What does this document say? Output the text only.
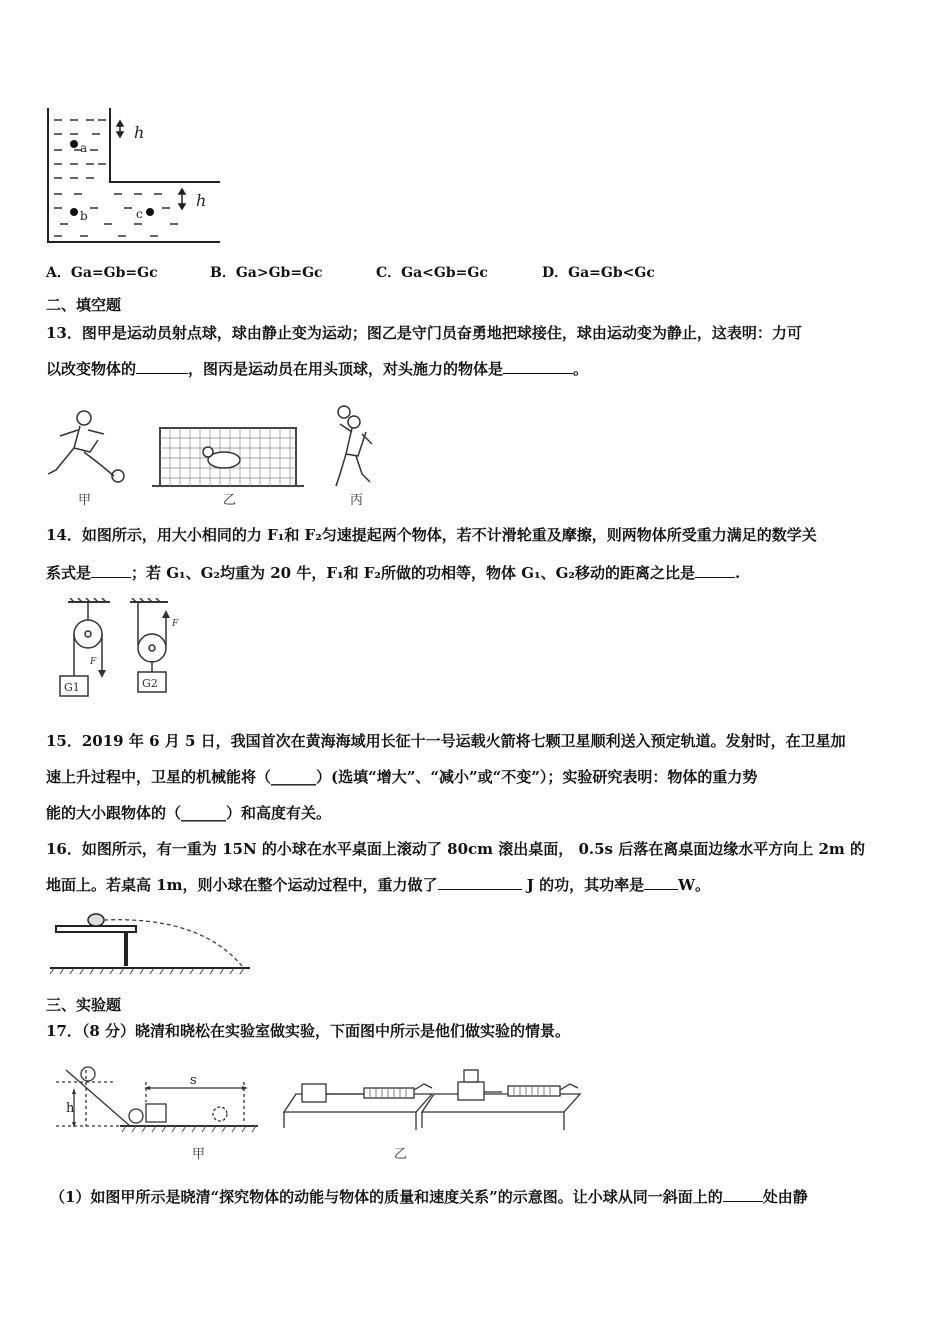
h
h
a
b	c
A．Ga=Gb=Gc	B．Ga>Gb=Gc	C．Ga<Gb=Gc	D．Ga=Gb<Gc
二、填空题
13．图甲是运动员射点球，球由静止变为运动；图乙是守门员奋勇地把球接住，球由运动变为静止，这表明：力可
以改变物体的	，图丙是运动员在用头顶球，对头施力的物体是	。
甲	乙	丙
14．如图所示，用大小相同的力 F₁和 F₂匀速提起两个物体，若不计滑轮重及摩擦，则两物体所受重力满足的数学关
系式是	；若 G₁、G₂均重为 20 牛，F₁和 F₂所做的功相等，物体 G₁、G₂移动的距离之比是	.
G1	G2
F
F
15．2019 年 6 月 5 日，我国首次在黄海海域用长征十一号运载火箭将七颗卫星顺利送入预定轨道。发射时，在卫星加
速上升过程中，卫星的机械能将（______）(选填“增大”、“减小”或“不变”）；实验研究表明：物体的重力势
能的大小跟物体的（______）和高度有关。
16．如图所示，有一重为 15N 的小球在水平桌面上滚动了 80cm 滚出桌面， 0.5s 后落在离桌面边缘水平方向上 2m 的
地面上。若桌高 1m，则小球在整个运动过程中，重力做了	J 的功，其功率是 W。
三、实验题
17．（8 分）晓清和晓松在实验室做实验，下面图中所示是他们做实验的情景。
h
s
甲	乙
（1）如图甲所示是晓清“探究物体的动能与物体的质量和速度关系”的示意图。让小球从同一斜面上的	处由静
